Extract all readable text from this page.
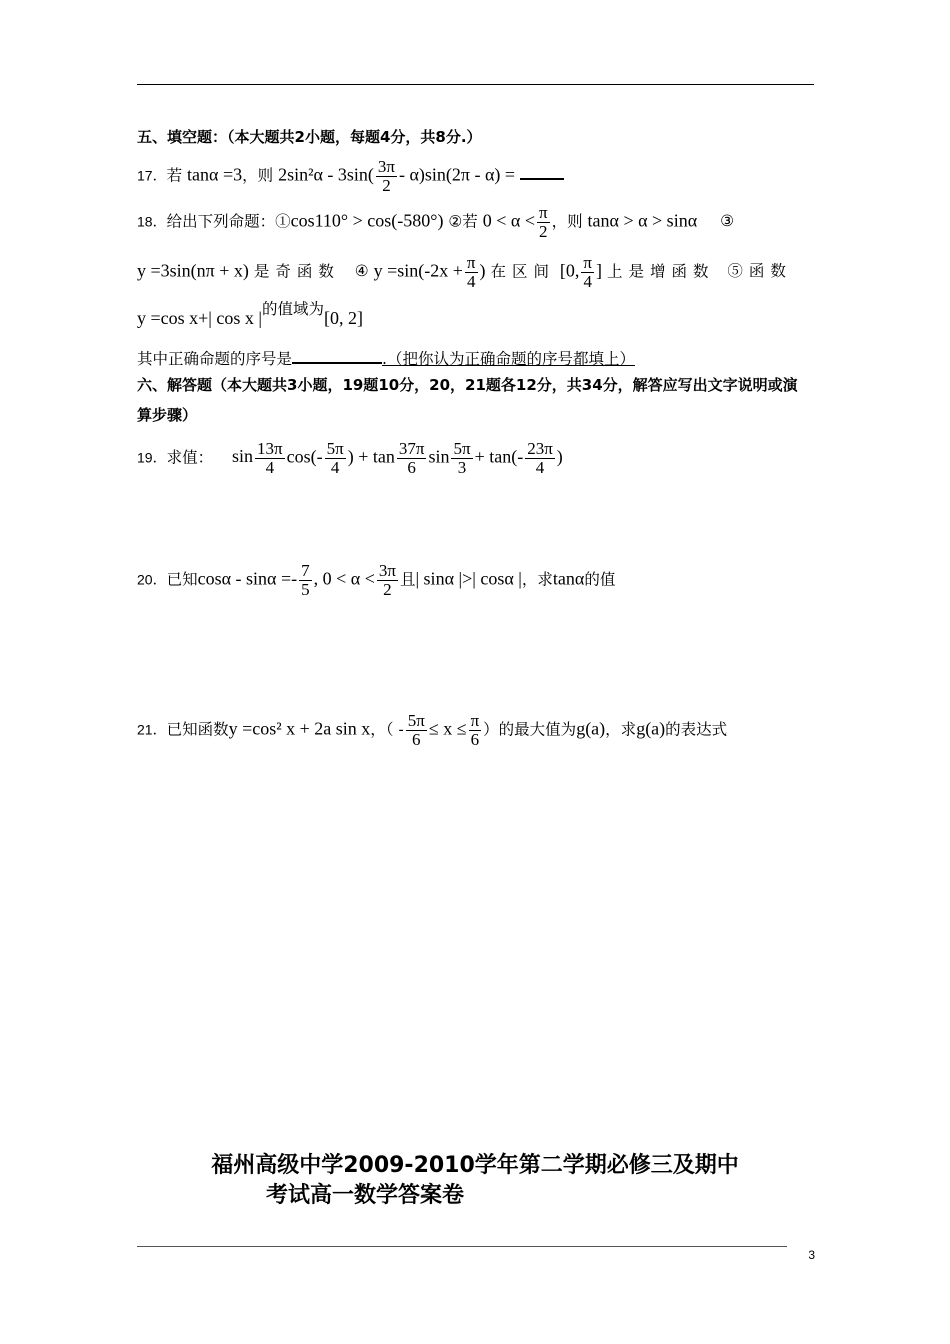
五、填空题：（本大题共2小题，每题4分，共8分.）
17．若 tanα =3，则 $2\sin^2\alpha - 3\sin( \frac{3\pi}{2} - \alpha)\sin(2\pi - \alpha)$ =
18．给出下列命题：①cos110° > cos(-580°) ②若 $0 < \alpha < \frac{\pi}{2}$ ，则 tanα > α > sinα ③
y =3sin(nπ + x) 是奇函数 ④ $y =\sin(-2x + \frac{\pi}{4}$ ) 在区间 [0, $\frac{\pi}{4}$ ] 上是增函数 ⑤函数
y =cos x+| cos x |的值域为[0, 2]
其中正确命题的序号是	.（把你认为正确命题的序号都填上）
六、解答题（本大题共3小题，19题10分，20，21题各12分，共34分，解答应写出文字说明或演
算步骤）
19．求值： $\sin \frac{13\pi}{4} \cos(- \frac{5\pi}{4}$ ) + $\tan \frac{37\pi}{6}$ $\sin \frac{5\pi}{3} + \tan(- \frac{23\pi}{4}$ )
20．已知$\cos\alpha - \sin\alpha =- \frac{7}{5}$ , $0 < \alpha < \frac{3\pi}{2}$ 且| sinα |>| cosα |，求tanα的值
21．已知函数y =cos² x + 2a sin x，（ - $\frac{5\pi}{6} \le x \le \frac{\pi}{6}$ ）的最大值为g(a)，求g(a)的表达式
福州高级中学2009-2010学年第二学期必修三及期中
考试高一数学答案卷
3
